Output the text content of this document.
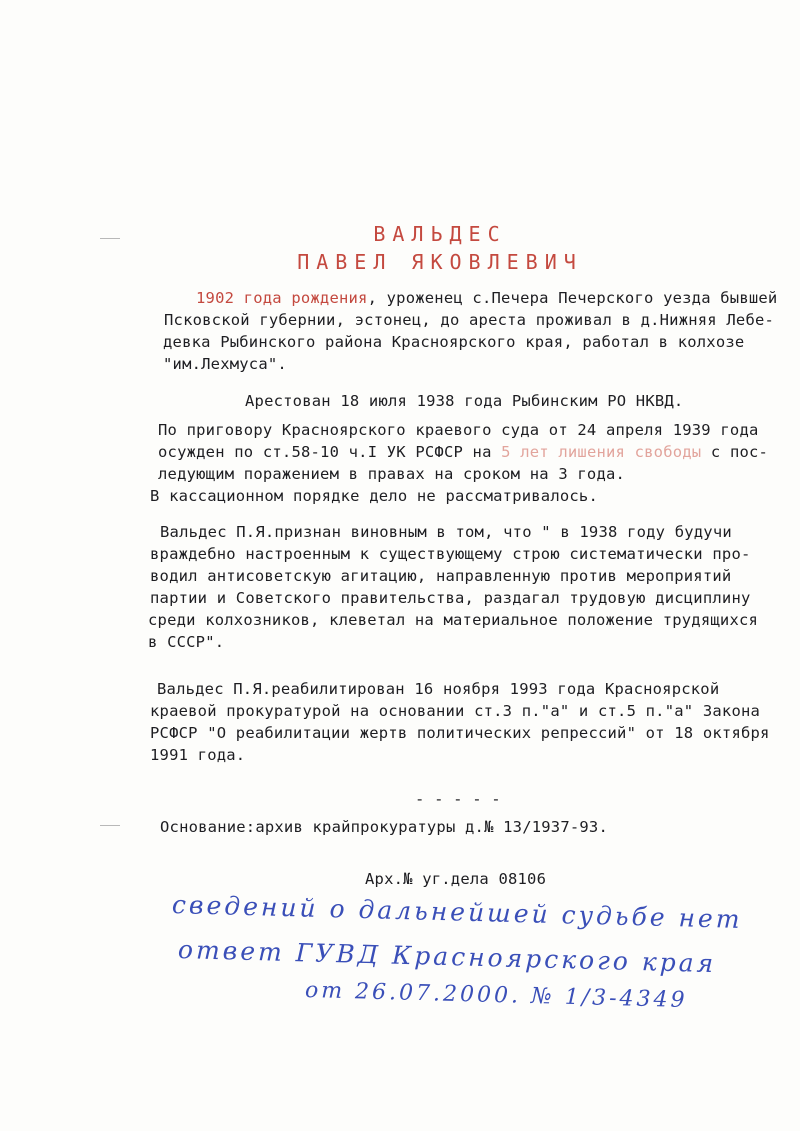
ВАЛЬДЕС
ПАВЕЛ ЯКОВЛЕВИЧ
1902 года рождения, уроженец с.Печера Печерского уезда бывшей
Псковской губернии, эстонец, до ареста проживал в д.Нижняя Лебе-
девка Рыбинского района Красноярского края, работал в колхозе
"им.Лехмуса".
Арестован 18 июля 1938 года Рыбинским РО НКВД.
По приговору Красноярского краевого суда от 24 апреля 1939 года
осужден по ст.58-10 ч.I УК РСФСР на 5 лет лишения свободы с пос-
ледующим поражением в правах на сроком на 3 года.
В кассационном порядке дело не рассматривалось.
Вальдес П.Я.признан виновным в том, что " в 1938 году будучи
враждебно настроенным к существующему строю систематически про-
водил антисоветскую агитацию, направленную против мероприятий
партии и Советского правительства, раздагал трудовую дисциплину
среди колхозников, клеветал на материальное положение трудящихся
в СССР".
Вальдес П.Я.реабилитирован 16 ноября 1993 года Красноярской
краевой прокуратурой на основании ст.3 п."а" и ст.5 п."а" Закона
РСФСР "О реабилитации жертв политических репрессий" от 18 октября
1991 года.
- - - - -
Основание:архив крайпрокуратуры д.№ 13/1937-93.
Арх.№ уг.дела 08106
сведений о дальнейшей судьбе нет
ответ ГУВД Красноярского края
от 26.07.2000. № 1/3-4349
